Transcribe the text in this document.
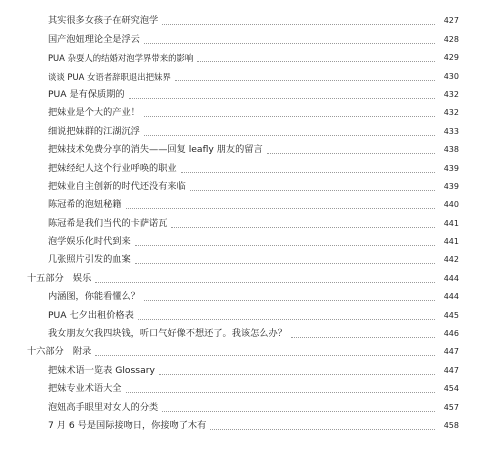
其实很多女孩子在研究泡学	427
国产泡妞理论全是浮云	428
PUA 杂耍人的结婚对泡学界带来的影响	429
谈谈 PUA 女语者辞职退出把妹界	430
PUA 是有保质期的	432
把妹业是个大的产业！	432
细说把妹群的江湖沉浮	433
把妹技术免费分享的消失——回复 leafly 朋友的留言	438
把妹经纪人这个行业呼唤的职业	439
把妹业自主创新的时代还没有来临	439
陈冠希的泡妞秘籍	440
陈冠希是我们当代的卡萨诺瓦	441
泡学娱乐化时代到来	441
几张照片引发的血案	442
十五部分　娱乐	444
内涵图，你能看懂么？	444
PUA 七夕出租价格表	445
我女朋友欠我四块钱，听口气好像不想还了。我该怎么办？	446
十六部分　附录	447
把妹术语一览表 Glossary	447
把妹专业术语大全	454
泡妞高手眼里对女人的分类	457
7 月 6 号是国际接吻日，你接吻了木有	458
